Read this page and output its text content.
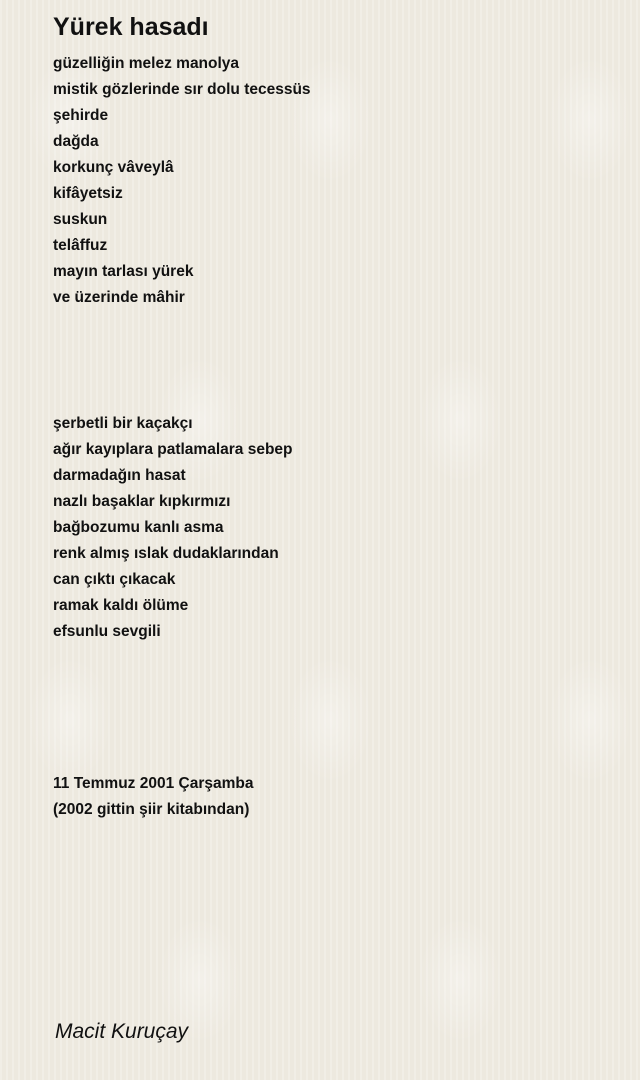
Yürek hasadı
güzelliğin melez manolya
mistik gözlerinde sır dolu tecessüs
şehirde
dağda
korkunç vâveylâ
kifâyetsiz
suskun
telâffuz
mayın tarlası yürek
ve üzerinde mâhir
şerbetli bir kaçakçı
ağır kayıplara patlamalara sebep
darmadağın hasat
nazlı başaklar kıpkırmızı
bağbozumu kanlı asma
renk almış ıslak dudaklarından
can çıktı çıkacak
ramak kaldı ölüme
efsunlu sevgili
11 Temmuz 2001 Çarşamba
(2002 gittin şiir kitabından)
Macit Kuruçay
